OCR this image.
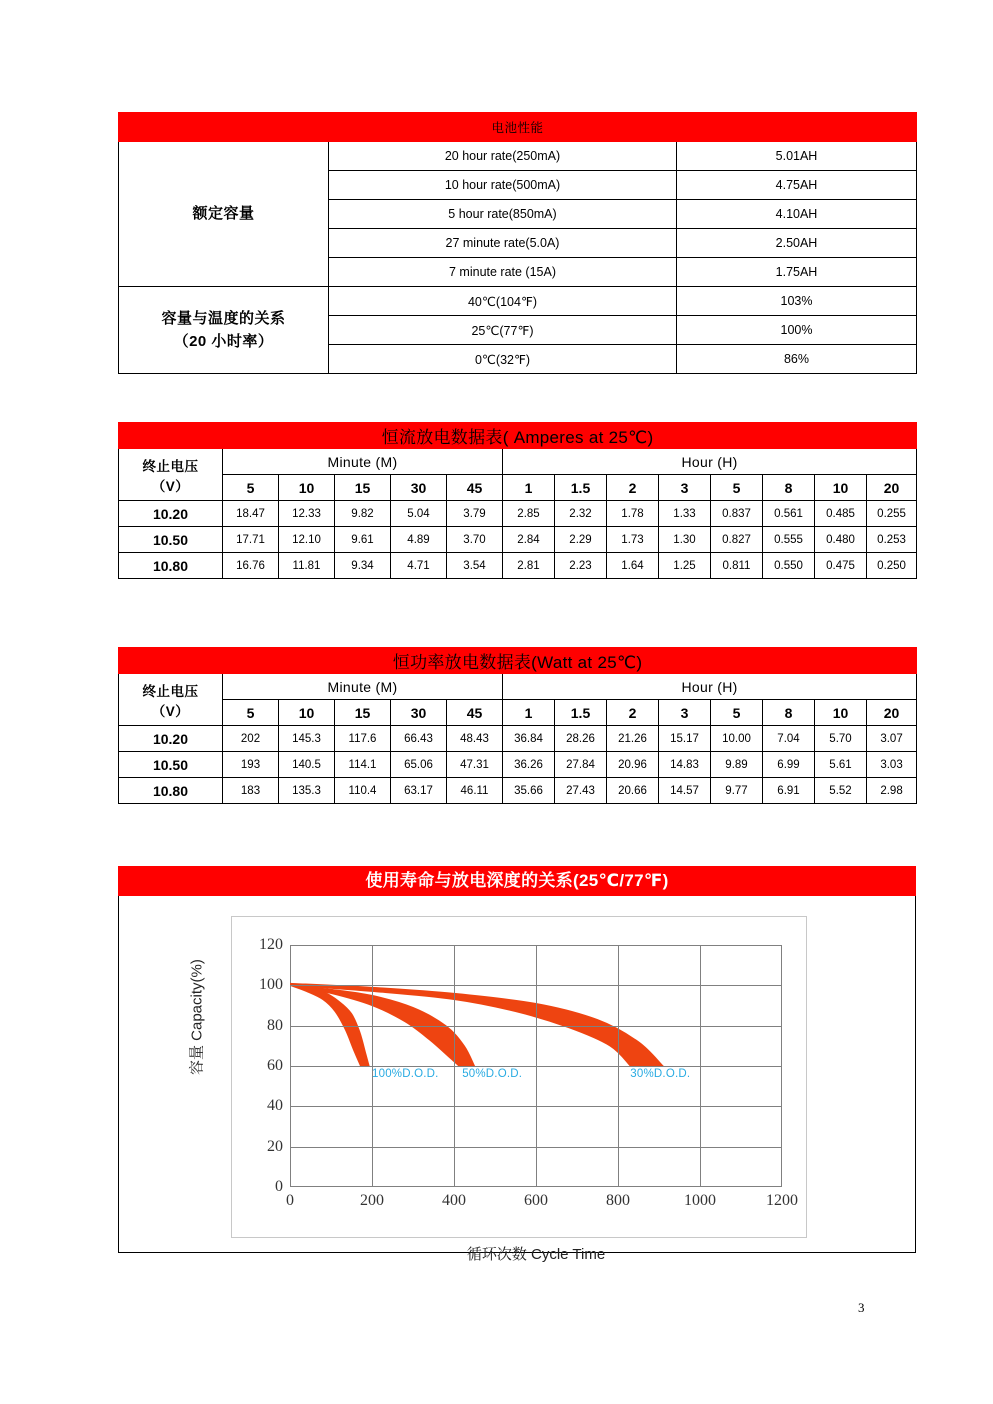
电池性能		
额定容量	20 hour rate(250mA)	5.01AH
	10 hour rate(500mA)	4.75AH
	5 hour rate(850mA)	4.10AH
	27 minute rate(5.0A)	2.50AH
	7 minute rate (15A)	1.75AH
容量与温度的关系
（20 小时率）	40℃(104℉)	103%
	25℃(77℉)	100%
	0℃(32℉)	86%
恒流放电数据表( Amperes at 25℃)													
终止电压
（V）	Minute (M)					Hour (H)							
	5	10	15	30	45	1	1.5	2	3	5	8	10	20
10.20	18.47	12.33	9.82	5.04	3.79	2.85	2.32	1.78	1.33	0.837	0.561	0.485	0.255
10.50	17.71	12.10	9.61	4.89	3.70	2.84	2.29	1.73	1.30	0.827	0.555	0.480	0.253
10.80	16.76	11.81	9.34	4.71	3.54	2.81	2.23	1.64	1.25	0.811	0.550	0.475	0.250
恒功率放电数据表(Watt at 25℃)													
终止电压
（V）	Minute (M)					Hour (H)							
	5	10	15	30	45	1	1.5	2	3	5	8	10	20
10.20	202	145.3	117.6	66.43	48.43	36.84	28.26	21.26	15.17	10.00	7.04	5.70	3.07
10.50	193	140.5	114.1	65.06	47.31	36.26	27.84	20.96	14.83	9.89	6.99	5.61	3.03
10.80	183	135.3	110.4	63.17	46.11	35.66	27.43	20.66	14.57	9.77	6.91	5.52	2.98
使用寿命与放电深度的关系(25℃/77℉)
0
20
40
60
80
100
120
0	200	400	600	800	1000	1200
100%D.O.D. 50%D.O.D.	30%D.O.D.
循环次数 Cycle Time
容量 Capacity(%)
3
